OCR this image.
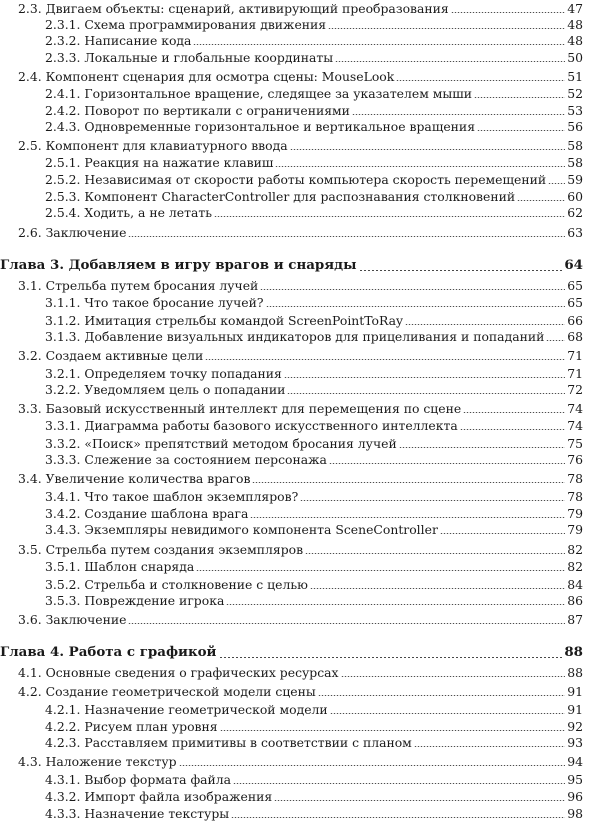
2.3. Двигаем объекты: сценарий, активирующий преобразования	47
2.3.1. Схема программирования движения	48
2.3.2. Написание кода	48
2.3.3. Локальные и глобальные координаты	50
2.4. Компонент сценария для осмотра сцены: MouseLook	51
2.4.1. Горизонтальное вращение, следящее за указателем мыши	52
2.4.2. Поворот по вертикали с ограничениями	53
2.4.3. Одновременные горизонтальное и вертикальное вращения	56
2.5. Компонент для клавиатурного ввода	58
2.5.1. Реакция на нажатие клавиш	58
2.5.2. Независимая от скорости работы компьютера скорость перемещений 59
2.5.3. Компонент CharacterController для распознавания столкновений	60
2.5.4. Ходить, а не летать	62
2.6. Заключение	63
Глава 3. Добавляем в игру врагов и снаряды	64
3.1. Стрельба путем бросания лучей	65
3.1.1. Что такое бросание лучей?	65
3.1.2. Имитация стрельбы командой ScreenPointToRay	66
3.1.3. Добавление визуальных индикаторов для прицеливания и попаданий 68
3.2. Создаем активные цели	71
3.2.1. Определяем точку попадания	71
3.2.2. Уведомляем цель о попадании	72
3.3. Базовый искусственный интеллект для перемещения по сцене	74
3.3.1. Диаграмма работы базового искусственного интеллекта	74
3.3.2. «Поиск» препятствий методом бросания лучей	75
3.3.3. Слежение за состоянием персонажа	76
3.4. Увеличение количества врагов	78
3.4.1. Что такое шаблон экземпляров?	78
3.4.2. Создание шаблона врага	79
3.4.3. Экземпляры невидимого компонента SceneController	79
3.5. Стрельба путем создания экземпляров	82
3.5.1. Шаблон снаряда	82
3.5.2. Стрельба и столкновение с целью	84
3.5.3. Повреждение игрока	86
3.6. Заключение	87
Глава 4. Работа с графикой	88
4.1. Основные сведения о графических ресурсах	88
4.2. Создание геометрической модели сцены	91
4.2.1. Назначение геометрической модели	91
4.2.2. Рисуем план уровня	92
4.2.3. Расставляем примитивы в соответствии с планом	93
4.3. Наложение текстур	94
4.3.1. Выбор формата файла	95
4.3.2. Импорт файла изображения	96
4.3.3. Назначение текстуры	98
